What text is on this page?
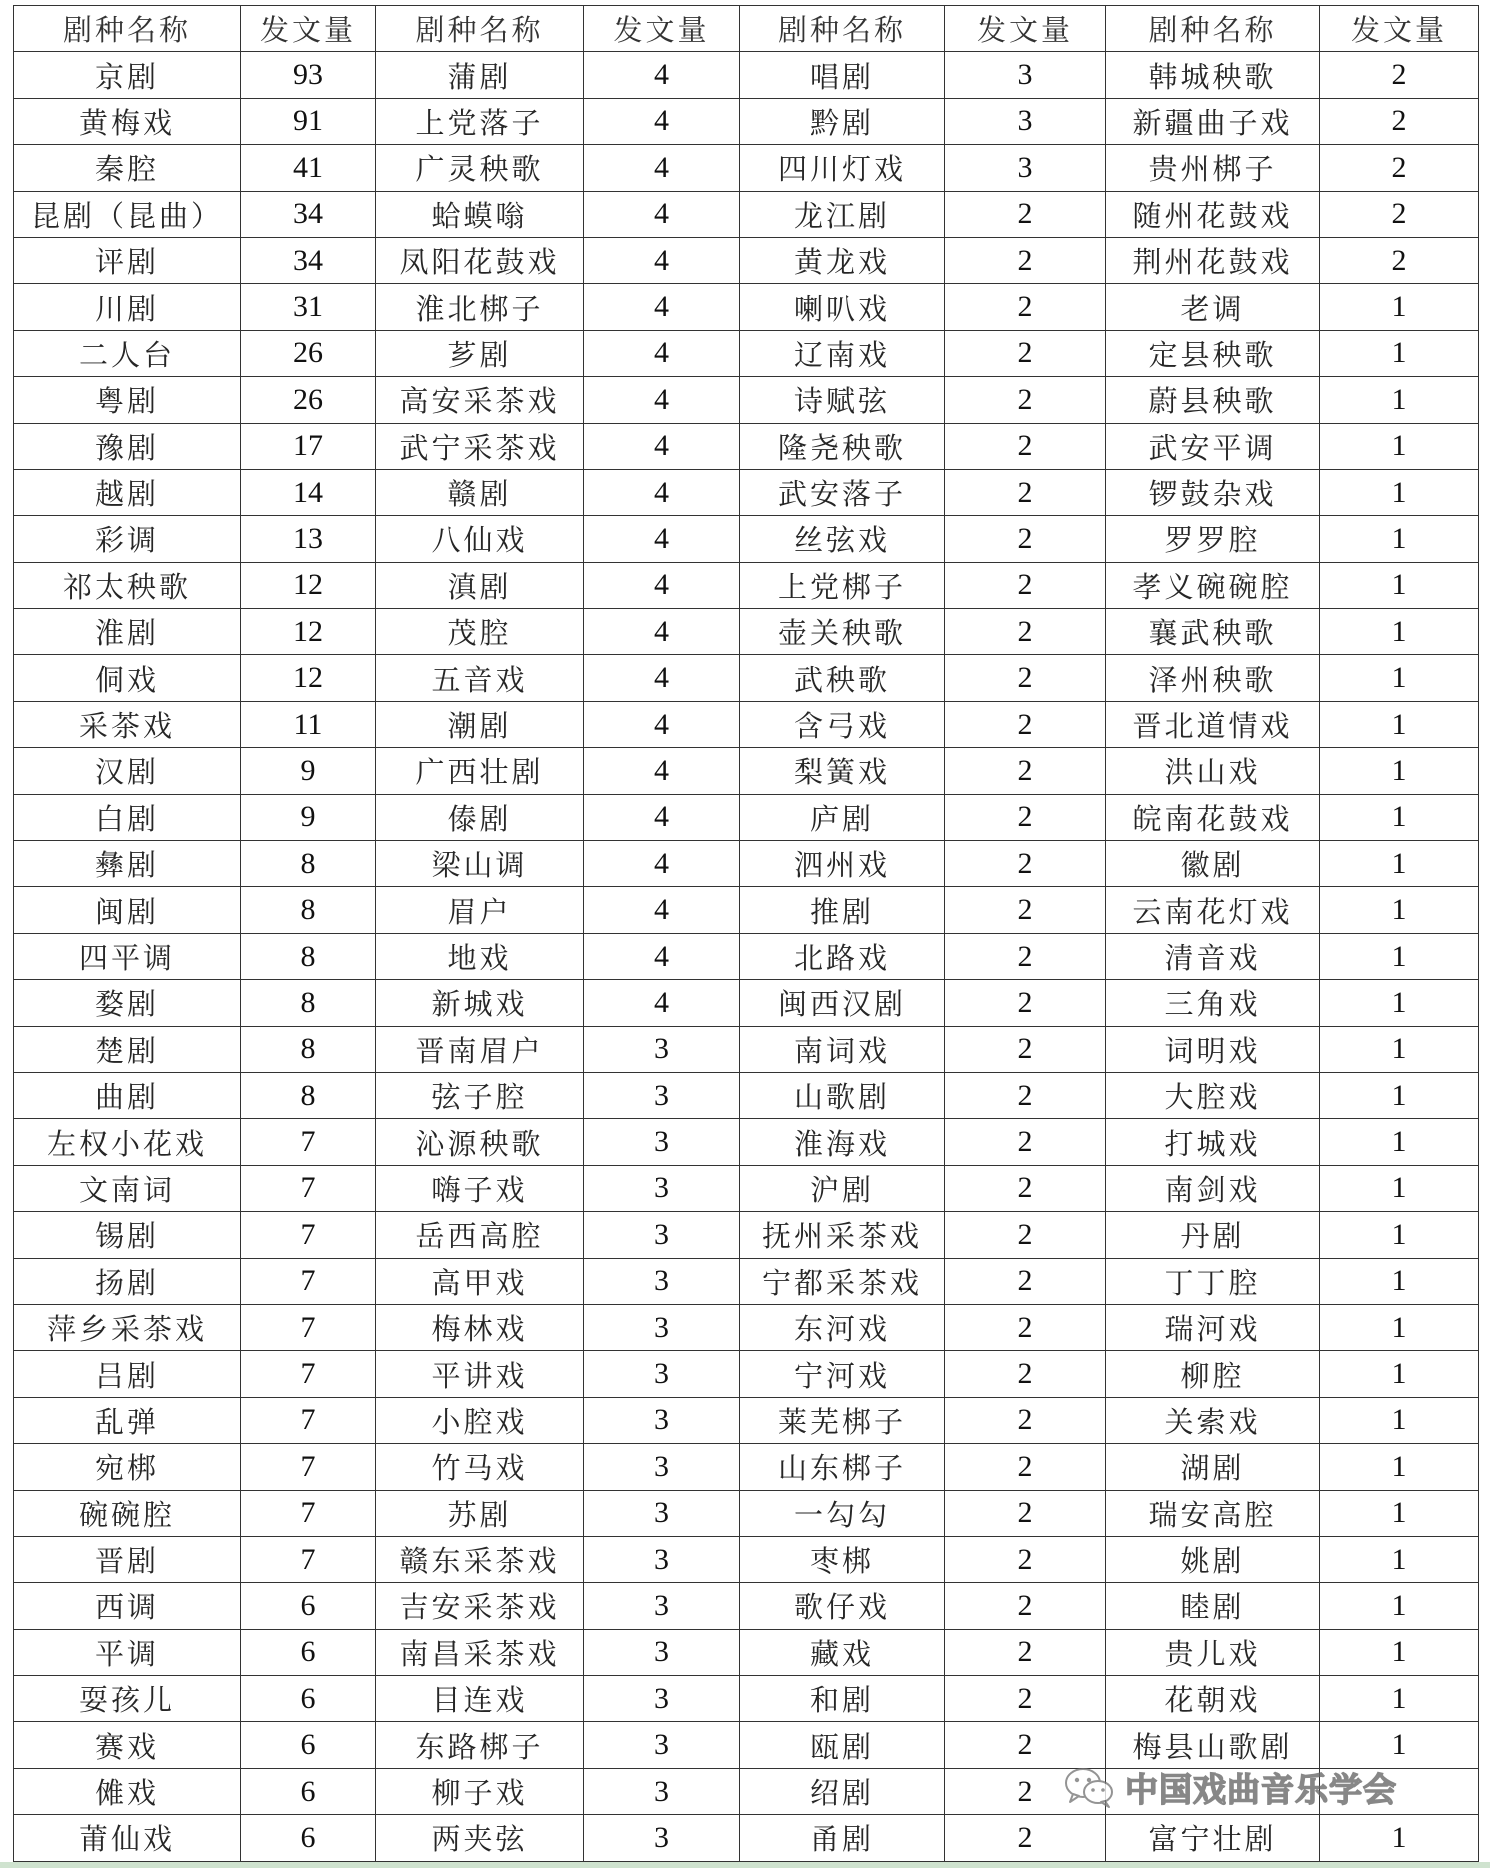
剧种名称	发文量	剧种名称	发文量	剧种名称	发文量	剧种名称	发文量
京剧	93	蒲剧	4	唱剧	3	韩城秧歌	2
黄梅戏	91	上党落子	4	黔剧	3	新疆曲子戏	2
秦腔	41	广灵秧歌	4	四川灯戏	3	贵州梆子	2
昆剧（昆曲）	34	蛤蟆嗡	4	龙江剧	2	随州花鼓戏	2
评剧	34	凤阳花鼓戏	4	黄龙戏	2	荆州花鼓戏	2
川剧	31	淮北梆子	4	喇叭戏	2	老调	1
二人台	26	芗剧	4	辽南戏	2	定县秧歌	1
粤剧	26	高安采茶戏	4	诗赋弦	2	蔚县秧歌	1
豫剧	17	武宁采茶戏	4	隆尧秧歌	2	武安平调	1
越剧	14	赣剧	4	武安落子	2	锣鼓杂戏	1
彩调	13	八仙戏	4	丝弦戏	2	罗罗腔	1
祁太秧歌	12	滇剧	4	上党梆子	2	孝义碗碗腔	1
淮剧	12	茂腔	4	壶关秧歌	2	襄武秧歌	1
侗戏	12	五音戏	4	武秧歌	2	泽州秧歌	1
采茶戏	11	潮剧	4	含弓戏	2	晋北道情戏	1
汉剧	9	广西壮剧	4	梨簧戏	2	洪山戏	1
白剧	9	傣剧	4	庐剧	2	皖南花鼓戏	1
彝剧	8	梁山调	4	泗州戏	2	徽剧	1
闽剧	8	眉户	4	推剧	2	云南花灯戏	1
四平调	8	地戏	4	北路戏	2	清音戏	1
婺剧	8	新城戏	4	闽西汉剧	2	三角戏	1
楚剧	8	晋南眉户	3	南词戏	2	词明戏	1
曲剧	8	弦子腔	3	山歌剧	2	大腔戏	1
左权小花戏	7	沁源秧歌	3	淮海戏	2	打城戏	1
文南词	7	嗨子戏	3	沪剧	2	南剑戏	1
锡剧	7	岳西高腔	3	抚州采茶戏	2	丹剧	1
扬剧	7	高甲戏	3	宁都采茶戏	2	丁丁腔	1
萍乡采茶戏	7	梅林戏	3	东河戏	2	瑞河戏	1
吕剧	7	平讲戏	3	宁河戏	2	柳腔	1
乱弹	7	小腔戏	3	莱芜梆子	2	关索戏	1
宛梆	7	竹马戏	3	山东梆子	2	湖剧	1
碗碗腔	7	苏剧	3	一勾勾	2	瑞安高腔	1
晋剧	7	赣东采茶戏	3	枣梆	2	姚剧	1
西调	6	吉安采茶戏	3	歌仔戏	2	睦剧	1
平调	6	南昌采茶戏	3	藏戏	2	贵儿戏	1
耍孩儿	6	目连戏	3	和剧	2	花朝戏	1
赛戏	6	东路梆子	3	瓯剧	2	梅县山歌剧	1
傩戏	6	柳子戏	3	绍剧	2		
莆仙戏	6	两夹弦	3	甬剧	2	富宁壮剧	1
中国戏曲音乐学会
